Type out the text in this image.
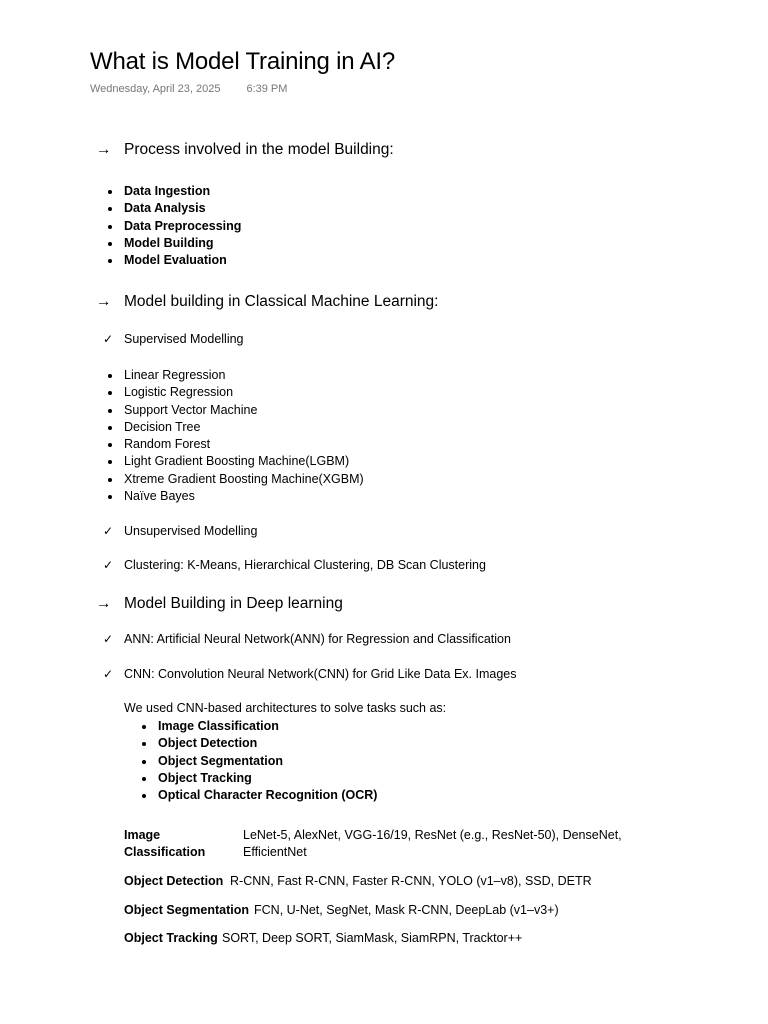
What is Model Training in AI?
Wednesday, April 23, 2025 6:39 PM
→ Process involved in the model Building:
Data Ingestion
Data Analysis
Data Preprocessing
Model Building
Model Evaluation
→ Model building in Classical Machine Learning:
✓ Supervised Modelling
Linear Regression
Logistic Regression
Support Vector Machine
Decision Tree
Random Forest
Light Gradient Boosting Machine(LGBM)
Xtreme Gradient Boosting Machine(XGBM)
Naïve Bayes
✓ Unsupervised Modelling
✓ Clustering: K-Means, Hierarchical Clustering, DB Scan Clustering
→ Model Building in Deep learning
✓ ANN: Artificial Neural Network(ANN) for Regression and Classification
✓ CNN: Convolution Neural Network(CNN) for Grid Like Data Ex. Images
We used CNN-based architectures to solve tasks such as:
Image Classification
Object Detection
Object Segmentation
Object Tracking
Optical Character Recognition (OCR)
Image
Classification
LeNet-5, AlexNet, VGG-16/19, ResNet (e.g., ResNet-50), DenseNet,
EfficientNet
Object Detection R-CNN, Fast R-CNN, Faster R-CNN, YOLO (v1–v8), SSD, DETR
Object Segmentation FCN, U-Net, SegNet, Mask R-CNN, DeepLab (v1–v3+)
Object Tracking SORT, Deep SORT, SiamMask, SiamRPN, Tracktor++
